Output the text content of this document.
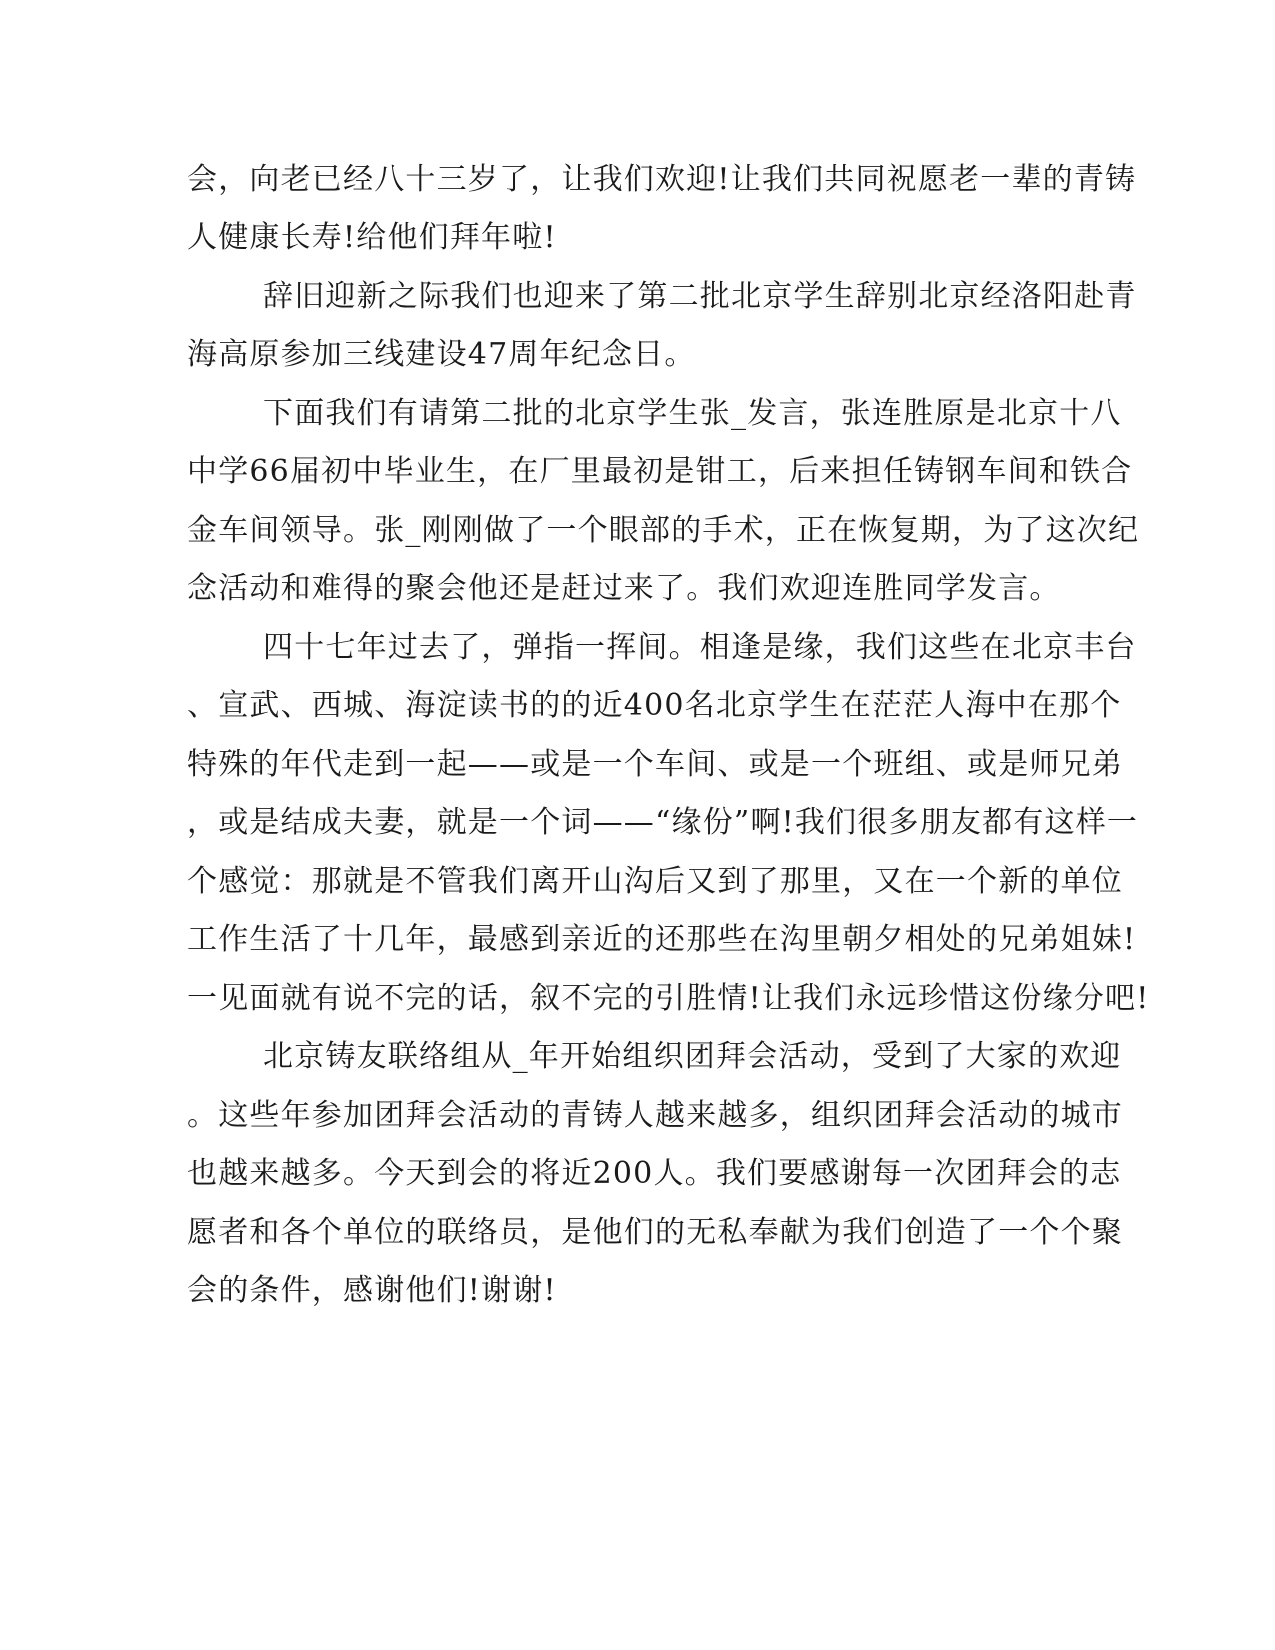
会，向老已经八十三岁了，让我们欢迎!让我们共同祝愿老一辈的青铸
人健康长寿!给他们拜年啦!
辞旧迎新之际我们也迎来了第二批北京学生辞别北京经洛阳赴青
海高原参加三线建设47周年纪念日。
下面我们有请第二批的北京学生张_发言，张连胜原是北京十八
中学66届初中毕业生，在厂里最初是钳工，后来担任铸钢车间和铁合
金车间领导。张_刚刚做了一个眼部的手术，正在恢复期，为了这次纪
念活动和难得的聚会他还是赶过来了。我们欢迎连胜同学发言。
四十七年过去了，弹指一挥间。相逢是缘，我们这些在北京丰台
、宣武、西城、海淀读书的的近400名北京学生在茫茫人海中在那个
特殊的年代走到一起——或是一个车间、或是一个班组、或是师兄弟
，或是结成夫妻，就是一个词——“缘份”啊!我们很多朋友都有这样一
个感觉：那就是不管我们离开山沟后又到了那里，又在一个新的单位
工作生活了十几年，最感到亲近的还那些在沟里朝夕相处的兄弟姐妹!
一见面就有说不完的话，叙不完的引胜情!让我们永远珍惜这份缘分吧!
北京铸友联络组从_年开始组织团拜会活动，受到了大家的欢迎
。这些年参加团拜会活动的青铸人越来越多，组织团拜会活动的城市
也越来越多。今天到会的将近200人。我们要感谢每一次团拜会的志
愿者和各个单位的联络员，是他们的无私奉献为我们创造了一个个聚
会的条件，感谢他们!谢谢!
